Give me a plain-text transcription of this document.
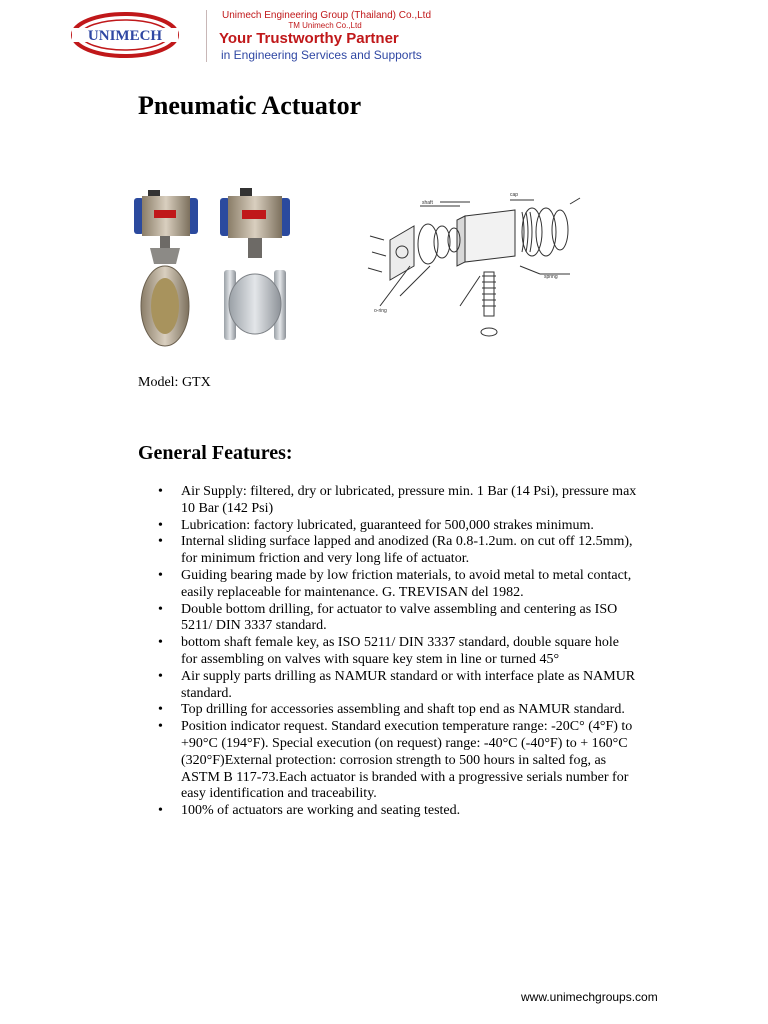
UNIMECH
Unimech Engineering Group (Thailand) Co.,Ltd
TM Unimech Co.,Ltd
Your Trustworthy Partner
in Engineering Services and Supports
Pneumatic Actuator
shaft
cap
spring
o-ring
Model: GTX
General Features:
• Air Supply: filtered, dry or lubricated, pressure min. 1 Bar (14 Psi), pressure max 10 Bar (142 Psi)
• Lubrication: factory lubricated, guaranteed for 500,000 strakes minimum.
• Internal sliding surface lapped and anodized (Ra 0.8-1.2um. on cut off 12.5mm), for minimum friction and very long life of actuator.
• Guiding bearing made by low friction materials, to avoid metal to metal contact, easily replaceable for maintenance. G. TREVISAN del 1982.
• Double bottom drilling, for actuator to valve assembling and centering as ISO 5211/ DIN 3337 standard.
• bottom shaft female key, as ISO 5211/ DIN 3337 standard, double square hole for assembling on valves with square key stem in line or turned 45°
• Air supply parts drilling as NAMUR standard or with interface plate as NAMUR standard.
• Top drilling for accessories assembling and shaft top end as NAMUR standard.
• Position indicator request. Standard execution temperature range: -20C° (4°F) to +90°C (194°F). Special execution (on request) range: -40°C (-40°F) to + 160°C (320°F)External protection: corrosion strength to 500 hours in salted fog, as ASTM B 117-73.Each actuator is branded with a progressive serials number for easy identification and traceability.
• 100% of actuators are working and seating tested.
www.unimechgroups.com
